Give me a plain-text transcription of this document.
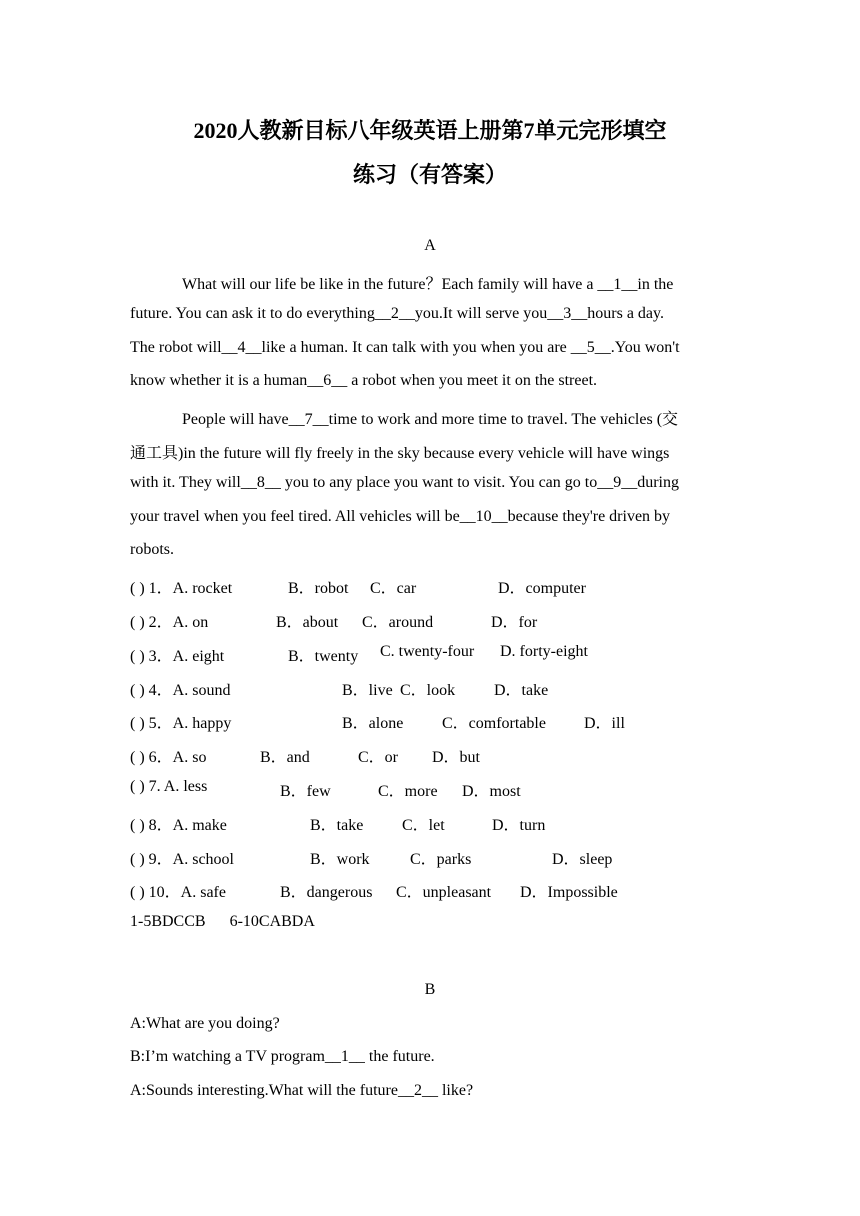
2020人教新目标八年级英语上册第7单元完形填空
练习（有答案）
A
What will our life be like in the future？Each family will have a __1__in the
future. You can ask it to do everything__2__you.It will serve you__3__hours a day.
The robot will__4__like a human. It can talk with you when you are __5__.You won't
know whether it is a human__6__ a robot when you meet it on the street.
People will have__7__time to work and more time to travel. The vehicles (交
通工具)in the future will fly freely in the sky because every vehicle will have wings
with it. They will__8__ you to any place you want to visit. You can go to__9__during
your travel when you feel tired. All vehicles will be__10__because they're driven by
robots.
( ) 1．A. rocket	B．robot C．car	D．computer
( ) 2．A. on	B．about C．around	D．for
( ) 3．A. eight	B．twenty C. twenty-four D. forty-eight
( ) 4．A. sound	B．live C．look D．take
( ) 5．A. happy	B．alone C．comfortable D．ill
( ) 6．A. so	B．and	C．or D．but
( ) 7. A. less	B．few	C．more D．most
( ) 8．A. make	B．take C．let	D．turn
( ) 9．A. school	B．work	C．parks	D．sleep
( ) 10．A. safe	B．dangerous C．unpleasant D．Impossible
1-5BDCCB      6-10CABDA
B
A:What are you doing?
B:I’m watching a TV program__1__ the future.
A:Sounds interesting.What will the future__2__ like?
